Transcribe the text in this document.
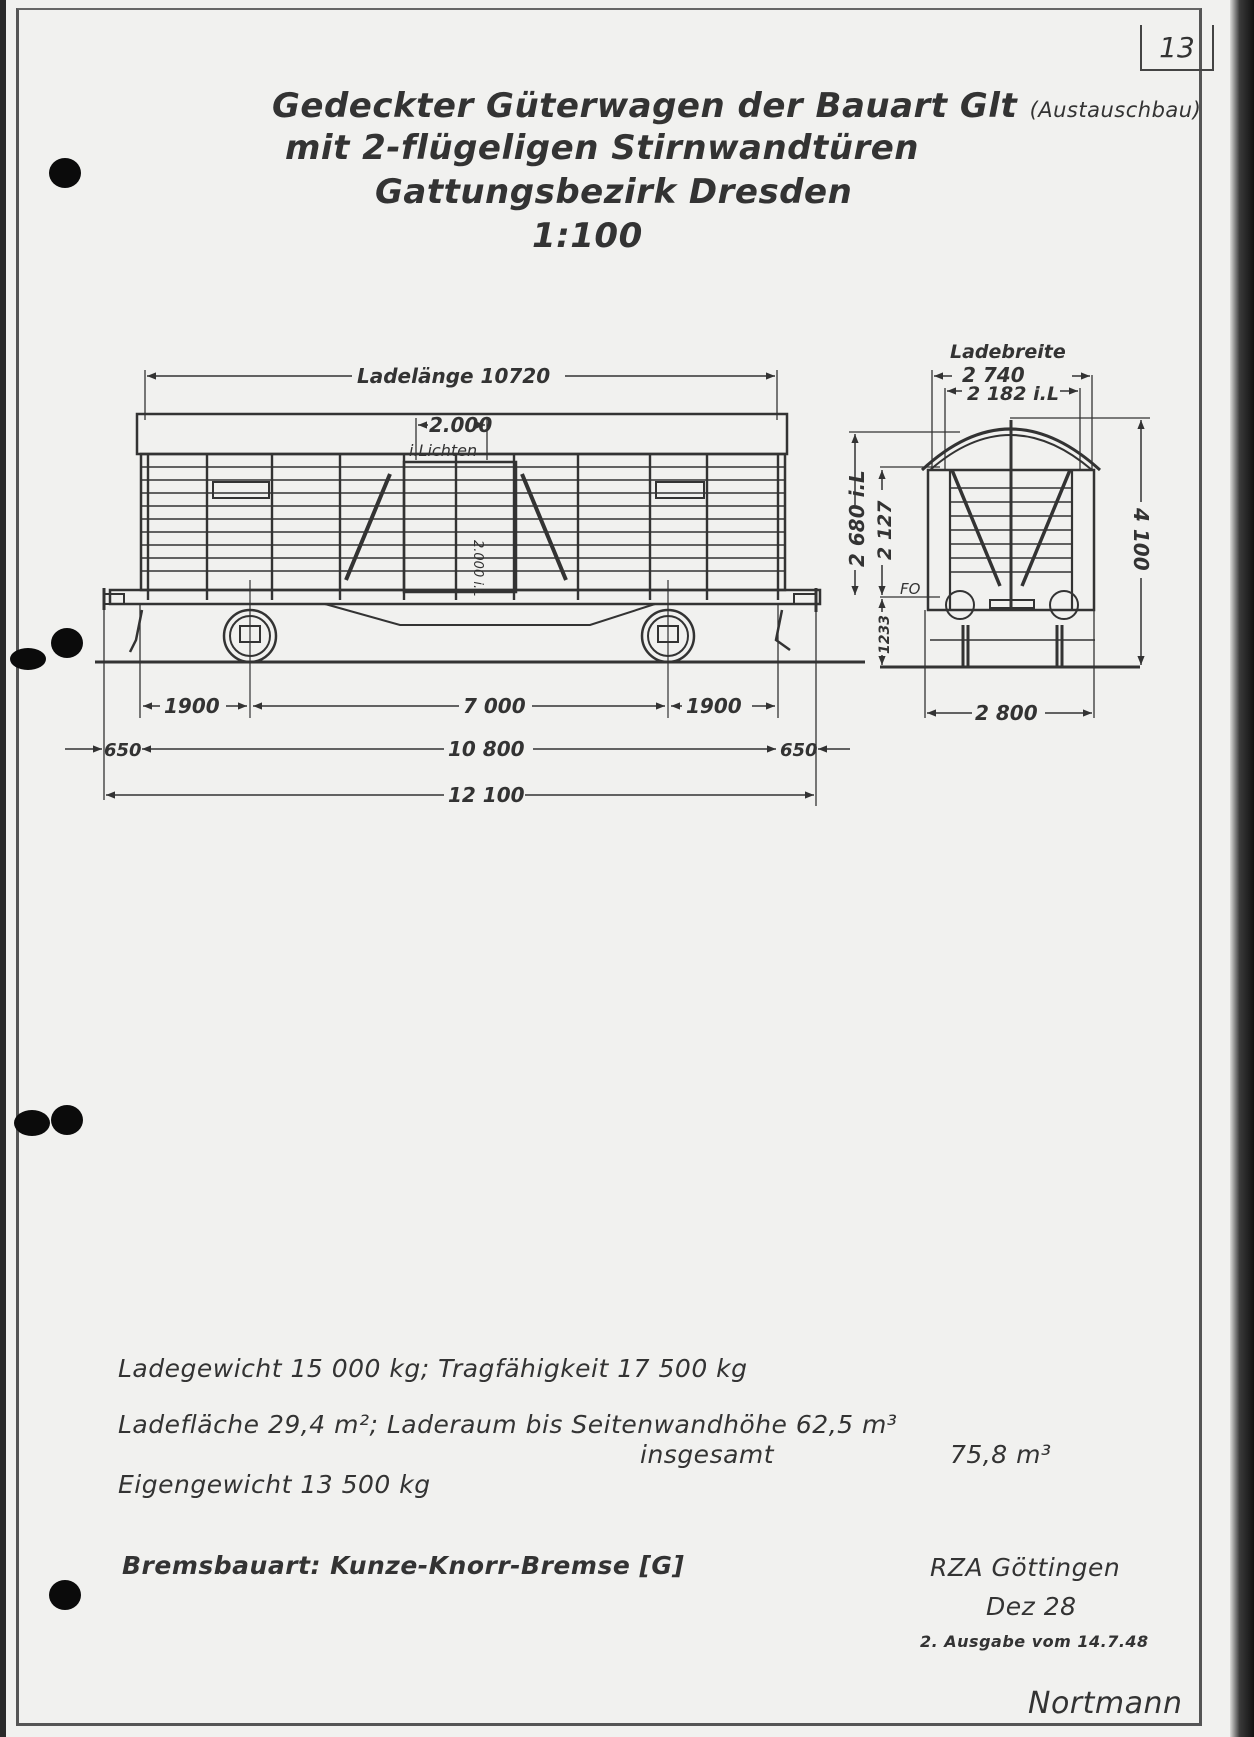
13
Gedeckter Güterwagen der Bauart Glt (Austauschbau)
mit 2-flügeligen Stirnwandtüren
Gattungsbezirk Dresden
1:100
Ladelänge 10720
2.000
i.Lichten
2.000 i.L
1900	7 000	1900
650	10 800	650
12 100
Ladebreite
2 740
2 182 i.L
2 680 i.L 2 127
FO
1233
4 100
2 800
Ladegewicht 15 000 kg; Tragfähigkeit 17 500 kg
Ladefläche 29,4 m²; Laderaum bis Seitenwandhöhe 62,5 m³
insgesamt	75,8 m³
Eigengewicht 13 500 kg
Bremsbauart: Kunze-Knorr-Bremse [G]	RZA Göttingen
Dez 28
2. Ausgabe vom 14.7.48
Nortmann
